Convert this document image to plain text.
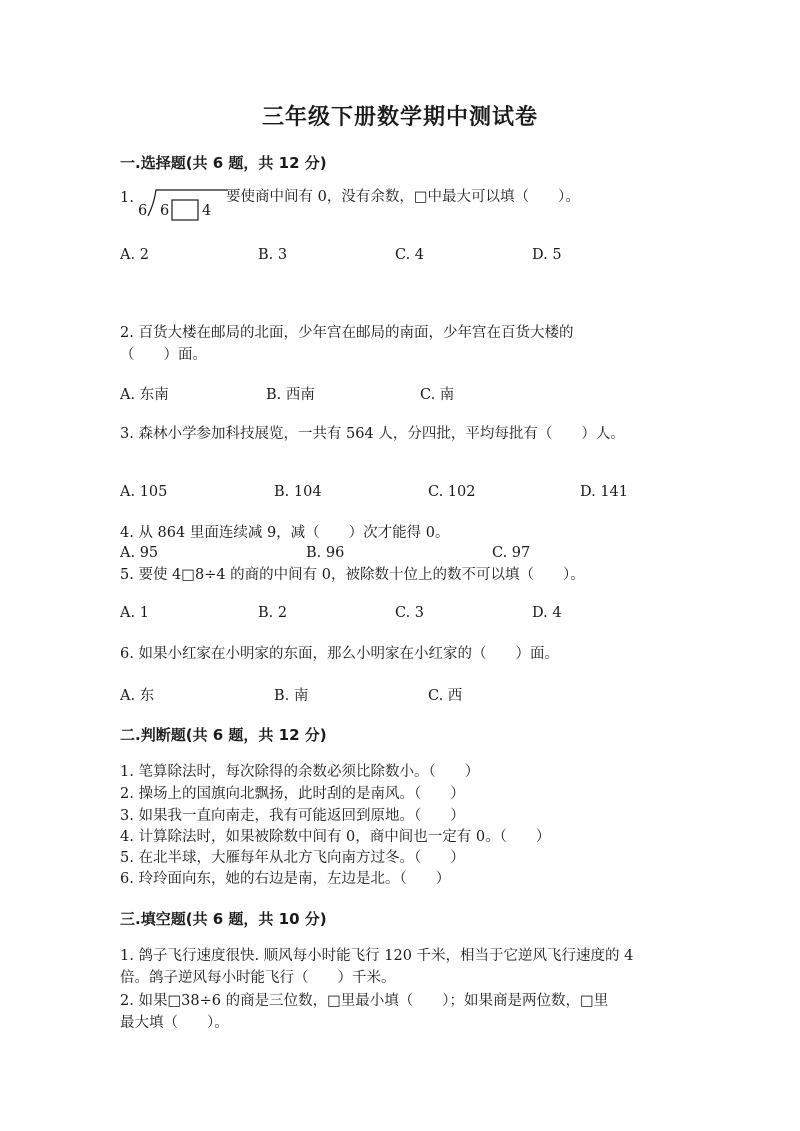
三年级下册数学期中测试卷
一.选择题(共 6 题，共 12 分)
1.
6 6 4
要使商中间有 0，没有余数，□中最大可以填（　　）。
A. 2	B. 3	C. 4	D. 5
2. 百货大楼在邮局的北面，少年宫在邮局的南面，少年宫在百货大楼的
（　　）面。
A. 东南	B. 西南	C. 南
3. 森林小学参加科技展览，一共有 564 人，分四批，平均每批有（　　）人。
A. 105	B. 104	C. 102	D. 141
4. 从 864 里面连续减 9，减（　　）次才能得 0。
A. 95	B. 96	C. 97
5. 要使 4□8÷4 的商的中间有 0，被除数十位上的数不可以填（　　）。
A. 1	B. 2	C. 3	D. 4
6. 如果小红家在小明家的东面，那么小明家在小红家的（　　）面。
A. 东	B. 南	C. 西
二.判断题(共 6 题，共 12 分)
1. 笔算除法时，每次除得的余数必须比除数小。（　　）
2. 操场上的国旗向北飘扬，此时刮的是南风。（　　）
3. 如果我一直向南走，我有可能返回到原地。（　　）
4. 计算除法时，如果被除数中间有 0，商中间也一定有 0。（　　）
5. 在北半球，大雁每年从北方飞向南方过冬。（　　）
6. 玲玲面向东，她的右边是南，左边是北。（　　）
三.填空题(共 6 题，共 10 分)
1. 鸽子飞行速度很快. 顺风每小时能飞行 120 千米，相当于它逆风飞行速度的 4
倍。鸽子逆风每小时能飞行（　　）千米。
2. 如果□38÷6 的商是三位数，□里最小填（　　）；如果商是两位数，□里
最大填（　　）。
